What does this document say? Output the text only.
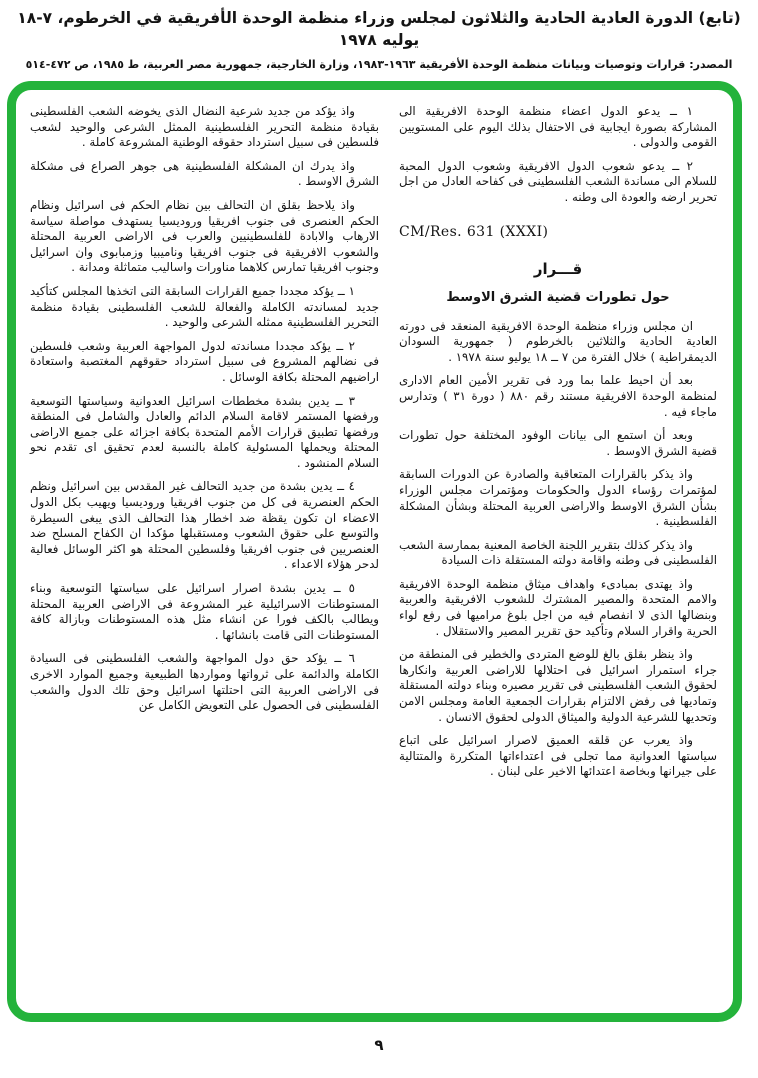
(تابع) الدورة العادية الحادية والثلاثون لمجلس وزراء منظمة الوحدة الأفريقية في الخرطوم، ٧-١٨ يوليه ١٩٧٨
المصدر: قرارات وتوصيات وبيانات منظمة الوحدة الأفريقية ١٩٦٣-١٩٨٣، وزارة الخارجية، جمهورية مصر العربية، ط ١٩٨٥، ص ٤٧٢-٥١٤

١ ــ يدعو الدول اعضاء منظمة الوحدة الافريقية الى المشاركة بصورة ايجابية فى الاحتفال بذلك اليوم على المستويين القومى والدولى .

٢ ــ يدعو شعوب الدول الافريقية وشعوب الدول المحبة للسلام الى مساندة الشعب الفلسطينى فى كفاحه العادل من اجل تحرير ارضه والعودة الى وطنه .

CM/Res. 631 (XXXI)
قـــرار
حول تطورات قضية الشرق الاوسط

ان مجلس وزراء منظمة الوحدة الافريقية المنعقد فى دورته العادية الحادية والثلاثين بالخرطوم ( جمهورية السودان الديمقراطية ) خلال الفترة من ٧ ــ ١٨ يوليو سنة ١٩٧٨ .

بعد أن احيط علما بما ورد فى تقرير الأمين العام الادارى لمنظمة الوحدة الافريقية مستند رقم ٨٨٠ ( دورة ٣١ ) وتدارس ماجاء فيه .

وبعد أن استمع الى بيانات الوفود المختلفة حول تطورات قضية الشرق الاوسط .

واذ يذكر بالقرارات المتعاقبة والصادرة عن الدورات السابقة لمؤتمرات رؤساء الدول والحكومات ومؤتمرات مجلس الوزراء بشأن الشرق الاوسط والاراضى العربية المحتلة وبشأن المشكلة الفلسطينية .

واذ يذكر كذلك بتقرير اللجنة الخاصة المعنية بممارسة الشعب الفلسطينى فى وطنه واقامة دولته المستقلة ذات السيادة

واذ يهتدى بمبادىء واهداف ميثاق منظمة الوحدة الافريقية والامم المتحدة والمصير المشترك للشعوب الافريقية والعربية وبنضالها الذى لا انفصام فيه من اجل بلوغ مراميها فى رفع لواء الحرية واقرار السلام وتأكيد حق تقرير المصير والاستقلال .

واذ ينظر بقلق بالغ للوضع المتردى والخطير فى المنطقة من جراء استمرار اسرائيل فى احتلالها للاراضى العربية وانكارها لحقوق الشعب الفلسطينى فى تقرير مصيره وبناء دولته المستقلة وتماديها فى رفض الالتزام بقرارات الجمعية العامة ومجلس الامن وتحديها للشرعية الدولية والميثاق الدولى لحقوق الانسان .

واذ يعرب عن قلقه العميق لاصرار اسرائيل على اتباع سياستها العدوانية مما تجلى فى اعتداءاتها المتكررة والمتتالية على جيرانها وبخاصة اعتدائها الاخير على لبنان .

واذ يؤكد من جديد شرعية النضال الذى يخوضه الشعب الفلسطينى بقيادة منظمة التحرير الفلسطينية الممثل الشرعى والوحيد لشعب فلسطين فى سبيل استرداد حقوقه الوطنية المشروعة كاملة .

واذ يدرك ان المشكلة الفلسطينية هى جوهر الصراع فى مشكلة الشرق الاوسط .

واذ يلاحظ بقلق ان التحالف بين نظام الحكم فى اسرائيل ونظام الحكم العنصرى فى جنوب افريقيا وروديسيا يستهدف مواصلة سياسة الارهاب والابادة للفلسطينيين والعرب فى الاراضى العربية المحتلة والشعوب الافريقية فى جنوب افريقيا وناميبيا وزمبابوى وان اسرائيل وجنوب افريقيا تمارس كلاهما مناورات واساليب متماثلة ومدانة .

١ ــ يؤكد مجددا جميع القرارات السابقة التى اتخذها المجلس كتأكيد جديد لمساندته الكاملة والفعالة للشعب الفلسطينى بقيادة منظمة التحرير الفلسطينية ممثله الشرعى والوحيد .

٢ ــ يؤكد مجددا مساندته لدول المواجهة العربية وشعب فلسطين فى نضالهم المشروع فى سبيل استرداد حقوقهم المغتصبة واستعادة اراضيهم المحتلة بكافة الوسائل .

٣ ــ يدين بشدة مخططات اسرائيل العدوانية وسياستها التوسعية ورفضها المستمر لاقامة السلام الدائم والعادل والشامل فى المنطقة ورفضها تطبيق قرارات الأمم المتحدة بكافة اجزائه على جميع الاراضى المحتلة ويحملها المسئولية كاملة بالنسبة لعدم تحقيق اى تقدم نحو السلام المنشود .

٤ ــ يدين بشدة من جديد التحالف غير المقدس بين اسرائيل ونظم الحكم العنصرية فى كل من جنوب افريقيا وروديسيا ويهيب بكل الدول الاعضاء ان تكون يقظة ضد اخطار هذا التحالف الذى يبغى السيطرة والتوسع على حقوق الشعوب ومستقبلها مؤكدا ان الكفاح المسلح ضد العنصريين فى جنوب افريقيا وفلسطين المحتلة هو اكثر الوسائل فعالية لدحر هؤلاء الاعداء .

٥ ــ يدين بشدة اصرار اسرائيل على سياستها التوسعية وبناء المستوطنات الاسرائيلية غير المشروعة فى الاراضى العربية المحتلة ويطالب بالكف فورا عن انشاء مثل هذه المستوطنات وبازالة كافة المستوطنات التى قامت بانشائها .

٦ ــ يؤكد حق دول المواجهة والشعب الفلسطينى فى السيادة الكاملة والدائمة على ثرواتها ومواردها الطبيعية وجميع الموارد الاخرى فى الاراضى العربية التى احتلتها اسرائيل وحق تلك الدول والشعب الفلسطينى فى الحصول على التعويض الكامل عن

٩
